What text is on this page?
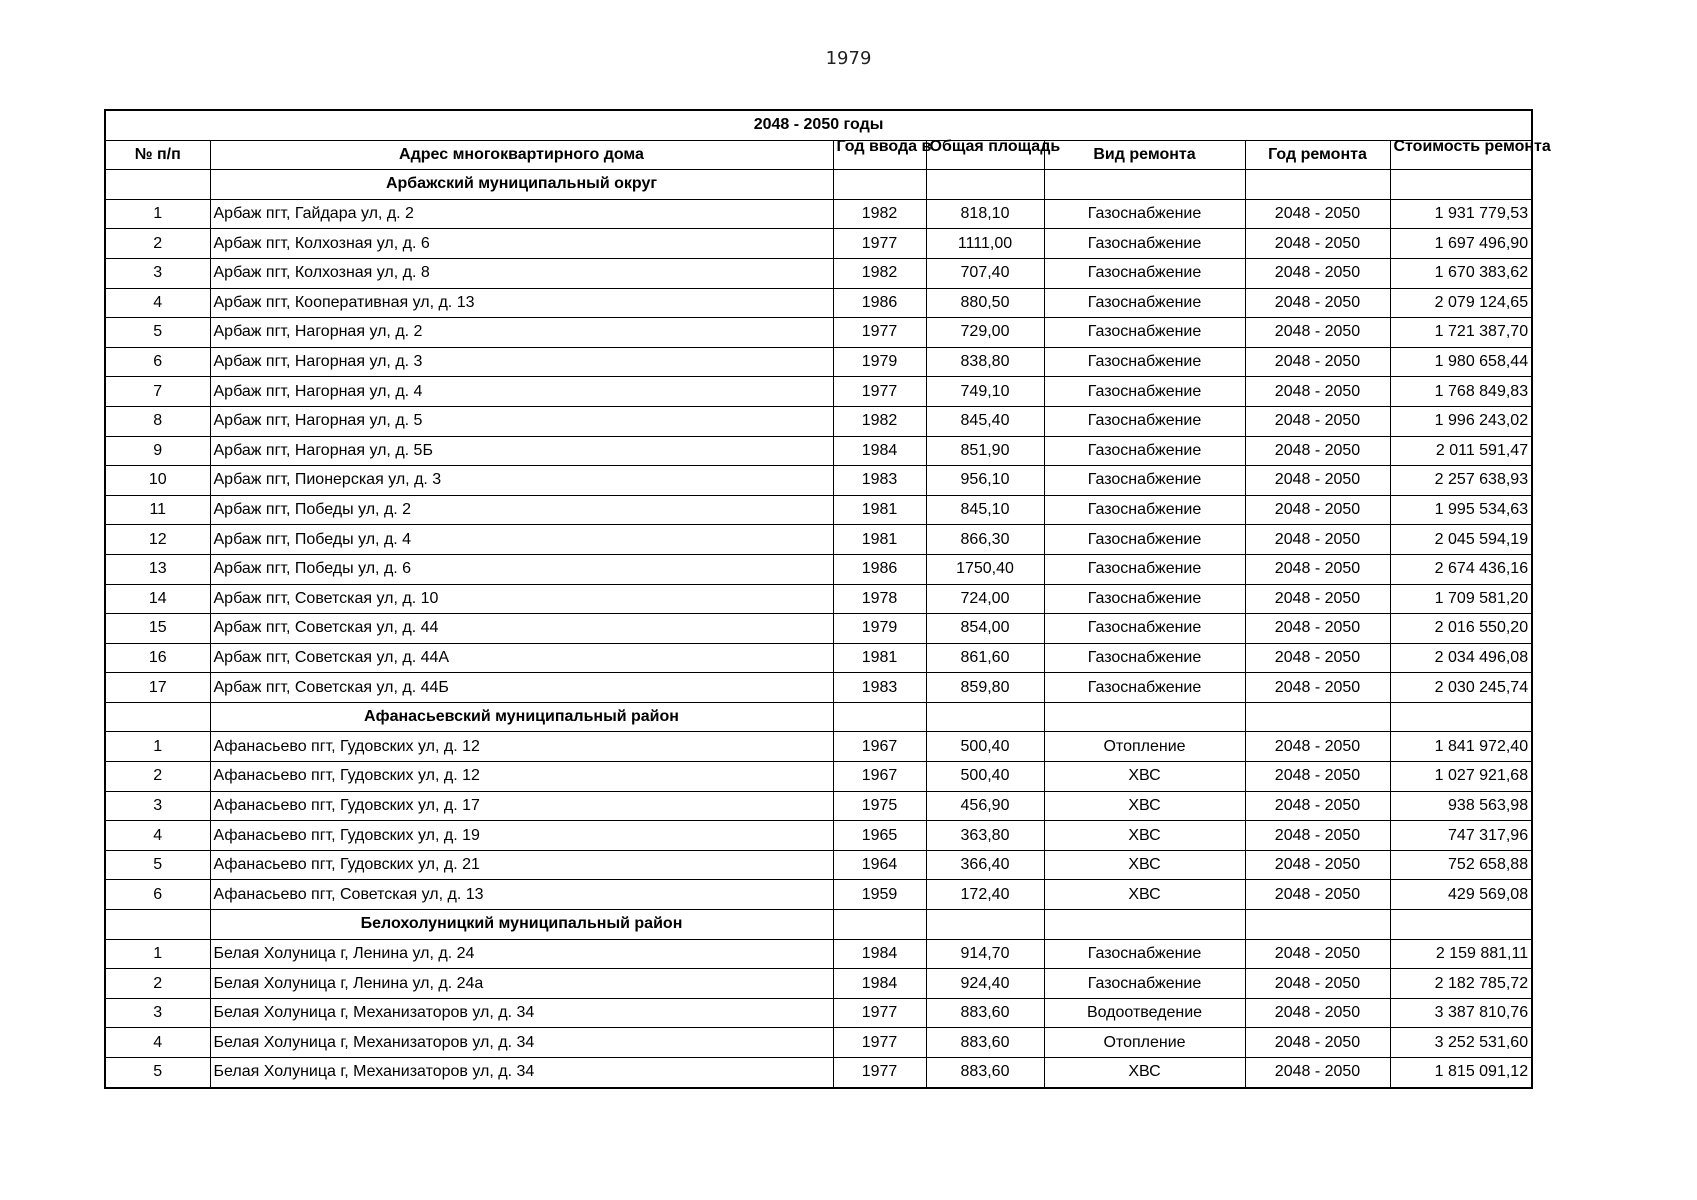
1979
2048 - 2050 годы						
№ п/п	Адрес многоквартирного дома	Год ввода в	Общая площадь	Вид ремонта	Год ремонта	Стоимость ремонта

	Арбажский муниципальный округ					
1	Арбаж пгт, Гайдара ул, д. 2	1982	818,10	Газоснабжение	2048 - 2050	1 931 779,53
2	Арбаж пгт, Колхозная ул, д. 6	1977	1111,00	Газоснабжение	2048 - 2050	1 697 496,90
3	Арбаж пгт, Колхозная ул, д. 8	1982	707,40	Газоснабжение	2048 - 2050	1 670 383,62
4	Арбаж пгт, Кооперативная ул, д. 13	1986	880,50	Газоснабжение	2048 - 2050	2 079 124,65
5	Арбаж пгт, Нагорная ул, д. 2	1977	729,00	Газоснабжение	2048 - 2050	1 721 387,70
6	Арбаж пгт, Нагорная ул, д. 3	1979	838,80	Газоснабжение	2048 - 2050	1 980 658,44
7	Арбаж пгт, Нагорная ул, д. 4	1977	749,10	Газоснабжение	2048 - 2050	1 768 849,83
8	Арбаж пгт, Нагорная ул, д. 5	1982	845,40	Газоснабжение	2048 - 2050	1 996 243,02
9	Арбаж пгт, Нагорная ул, д. 5Б	1984	851,90	Газоснабжение	2048 - 2050	2 011 591,47
10	Арбаж пгт, Пионерская ул, д. 3	1983	956,10	Газоснабжение	2048 - 2050	2 257 638,93
11	Арбаж пгт, Победы ул, д. 2	1981	845,10	Газоснабжение	2048 - 2050	1 995 534,63
12	Арбаж пгт, Победы ул, д. 4	1981	866,30	Газоснабжение	2048 - 2050	2 045 594,19
13	Арбаж пгт, Победы ул, д. 6	1986	1750,40	Газоснабжение	2048 - 2050	2 674 436,16
14	Арбаж пгт, Советская ул, д. 10	1978	724,00	Газоснабжение	2048 - 2050	1 709 581,20
15	Арбаж пгт, Советская ул, д. 44	1979	854,00	Газоснабжение	2048 - 2050	2 016 550,20
16	Арбаж пгт, Советская ул, д. 44А	1981	861,60	Газоснабжение	2048 - 2050	2 034 496,08
17	Арбаж пгт, Советская ул, д. 44Б	1983	859,80	Газоснабжение	2048 - 2050	2 030 245,74
	Афанасьевский муниципальный район					
1	Афанасьево пгт, Гудовских ул, д. 12	1967	500,40	Отопление	2048 - 2050	1 841 972,40
2	Афанасьево пгт, Гудовских ул, д. 12	1967	500,40	ХВС	2048 - 2050	1 027 921,68
3	Афанасьево пгт, Гудовских ул, д. 17	1975	456,90	ХВС	2048 - 2050	938 563,98
4	Афанасьево пгт, Гудовских ул, д. 19	1965	363,80	ХВС	2048 - 2050	747 317,96
5	Афанасьево пгт, Гудовских ул, д. 21	1964	366,40	ХВС	2048 - 2050	752 658,88
6	Афанасьево пгт, Советская ул, д. 13	1959	172,40	ХВС	2048 - 2050	429 569,08
	Белохолуницкий муниципальный район					
1	Белая Холуница г, Ленина ул, д. 24	1984	914,70	Газоснабжение	2048 - 2050	2 159 881,11
2	Белая Холуница г, Ленина ул, д. 24а	1984	924,40	Газоснабжение	2048 - 2050	2 182 785,72
3	Белая Холуница г, Механизаторов ул, д. 34	1977	883,60	Водоотведение	2048 - 2050	3 387 810,76
4	Белая Холуница г, Механизаторов ул, д. 34	1977	883,60	Отопление	2048 - 2050	3 252 531,60
5	Белая Холуница г, Механизаторов ул, д. 34	1977	883,60	ХВС	2048 - 2050	1 815 091,12
